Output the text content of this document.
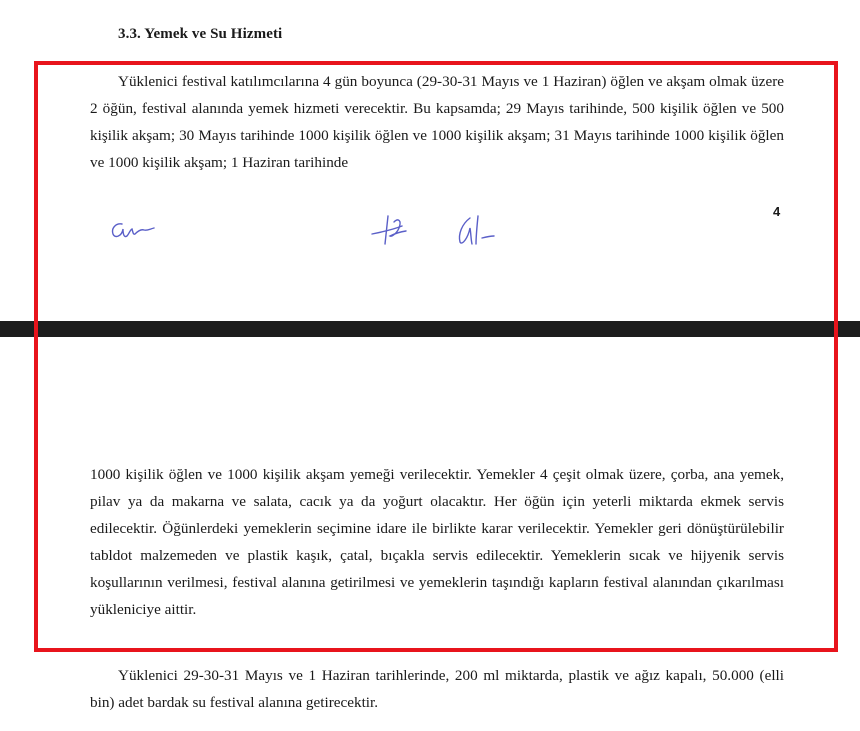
3.3. Yemek ve Su Hizmeti

Yüklenici festival katılımcılarına 4 gün boyunca (29-30-31 Mayıs ve 1 Haziran) öğlen ve akşam olmak üzere 2 öğün, festival alanında yemek hizmeti verecektir. Bu kapsamda; 29 Mayıs tarihinde, 500 kişilik öğlen ve 500 kişilik akşam; 30 Mayıs tarihinde 1000 kişilik öğlen ve 1000 kişilik akşam; 31 Mayıs tarihinde 1000 kişilik öğlen ve 1000 kişilik akşam; 1 Haziran tarihinde

4

1000 kişilik öğlen ve 1000 kişilik akşam yemeği verilecektir. Yemekler 4 çeşit olmak üzere, çorba, ana yemek, pilav ya da makarna ve salata, cacık ya da yoğurt olacaktır. Her öğün için yeterli miktarda ekmek servis edilecektir. Öğünlerdeki yemeklerin seçimine idare ile birlikte karar verilecektir. Yemekler geri dönüştürülebilir tabldot malzemeden ve plastik kaşık, çatal, bıçakla servis edilecektir. Yemeklerin sıcak ve hijyenik servis koşullarının verilmesi, festival alanına getirilmesi ve yemeklerin taşındığı kapların festival alanından çıkarılması yükleniciye aittir.

Yüklenici 29-30-31 Mayıs ve 1 Haziran tarihlerinde, 200 ml miktarda, plastik ve ağız kapalı, 50.000 (elli bin) adet bardak su festival alanına getirecektir.
